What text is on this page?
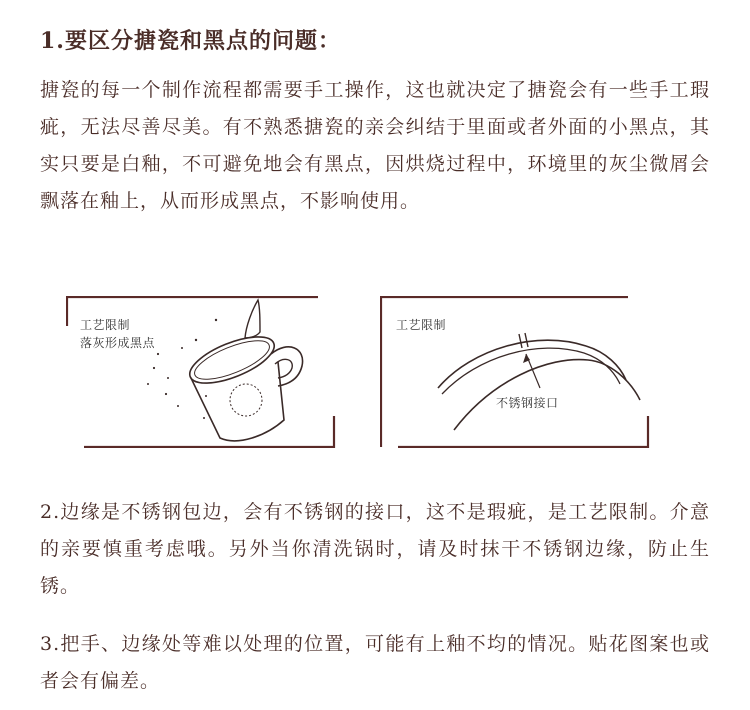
1.要区分搪瓷和黑点的问题：
搪瓷的每一个制作流程都需要手工操作，这也就决定了搪瓷会有一些手工瑕疵，无法尽善尽美。有不熟悉搪瓷的亲会纠结于里面或者外面的小黑点，其实只要是白釉，不可避免地会有黑点，因烘烧过程中，环境里的灰尘微屑会飘落在釉上，从而形成黑点，不影响使用。
工艺限制
落灰形成黑点
工艺限制
不锈钢接口
2.边缘是不锈钢包边，会有不锈钢的接口，这不是瑕疵，是工艺限制。介意的亲要慎重考虑哦。另外当你清洗锅时，请及时抹干不锈钢边缘，防止生锈。
3.把手、边缘处等难以处理的位置，可能有上釉不均的情况。贴花图案也或者会有偏差。
